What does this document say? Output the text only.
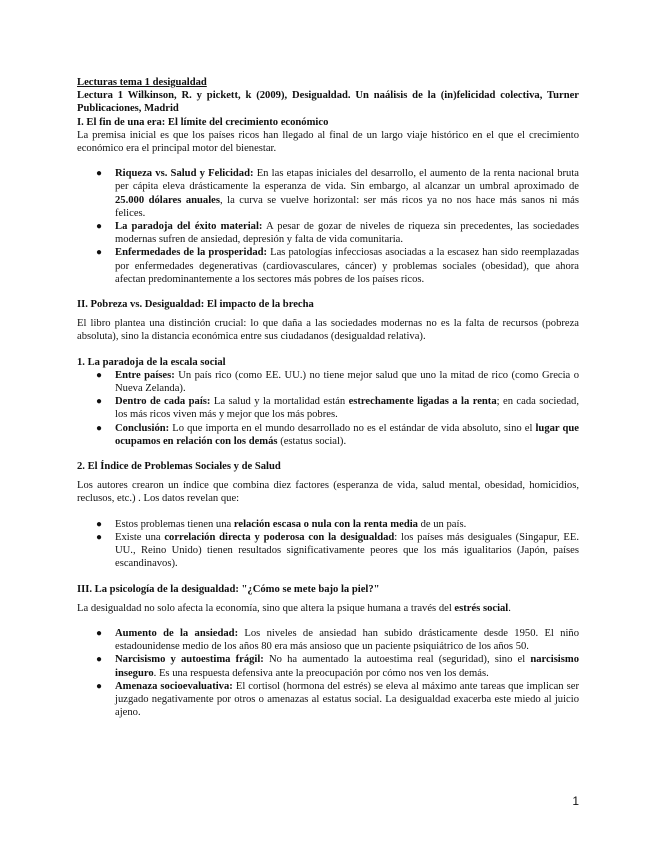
Lecturas tema 1 desigualdad

Lectura 1 Wilkinson, R. y pickett, k (2009), Desigualdad. Un naálisis de la (in)felicidad colectiva, Turner Publicaciones, Madrid

I. El fin de una era: El límite del crecimiento económico

La premisa inicial es que los países ricos han llegado al final de un largo viaje histórico en el que el crecimiento económico era el principal motor del bienestar.

● Riqueza vs. Salud y Felicidad: En las etapas iniciales del desarrollo, el aumento de la renta nacional bruta per cápita eleva drásticamente la esperanza de vida. Sin embargo, al alcanzar un umbral aproximado de 25.000 dólares anuales, la curva se vuelve horizontal: ser más ricos ya no nos hace más sanos ni más felices.
● La paradoja del éxito material: A pesar de gozar de niveles de riqueza sin precedentes, las sociedades modernas sufren de ansiedad, depresión y falta de vida comunitaria.
● Enfermedades de la prosperidad: Las patologías infecciosas asociadas a la escasez han sido reemplazadas por enfermedades degenerativas (cardiovasculares, cáncer) y problemas sociales (obesidad), que ahora afectan predominantemente a los sectores más pobres de los países ricos.

II. Pobreza vs. Desigualdad: El impacto de la brecha

El libro plantea una distinción crucial: lo que daña a las sociedades modernas no es la falta de recursos (pobreza absoluta), sino la distancia económica entre sus ciudadanos (desigualdad relativa).

1. La paradoja de la escala social

● Entre países: Un país rico (como EE. UU.) no tiene mejor salud que uno la mitad de rico (como Grecia o Nueva Zelanda).
● Dentro de cada país: La salud y la mortalidad están estrechamente ligadas a la renta; en cada sociedad, los más ricos viven más y mejor que los más pobres.
● Conclusión: Lo que importa en el mundo desarrollado no es el estándar de vida absoluto, sino el lugar que ocupamos en relación con los demás (estatus social).

2. El Índice de Problemas Sociales y de Salud

Los autores crearon un índice que combina diez factores (esperanza de vida, salud mental, obesidad, homicidios, reclusos, etc.) . Los datos revelan que:

● Estos problemas tienen una relación escasa o nula con la renta media de un país.
● Existe una correlación directa y poderosa con la desigualdad: los países más desiguales (Singapur, EE. UU., Reino Unido) tienen resultados significativamente peores que los más igualitarios (Japón, países escandinavos).

III. La psicología de la desigualdad: "¿Cómo se mete bajo la piel?"

La desigualdad no solo afecta la economía, sino que altera la psique humana a través del estrés social.

● Aumento de la ansiedad: Los niveles de ansiedad han subido drásticamente desde 1950. El niño estadounidense medio de los años 80 era más ansioso que un paciente psiquiátrico de los años 50.
● Narcisismo y autoestima frágil: No ha aumentado la autoestima real (seguridad), sino el narcisismo inseguro. Es una respuesta defensiva ante la preocupación por cómo nos ven los demás.
● Amenaza socioevaluativa: El cortisol (hormona del estrés) se eleva al máximo ante tareas que implican ser juzgado negativamente por otros o amenazas al estatus social. La desigualdad exacerba este miedo al juicio ajeno.
1
